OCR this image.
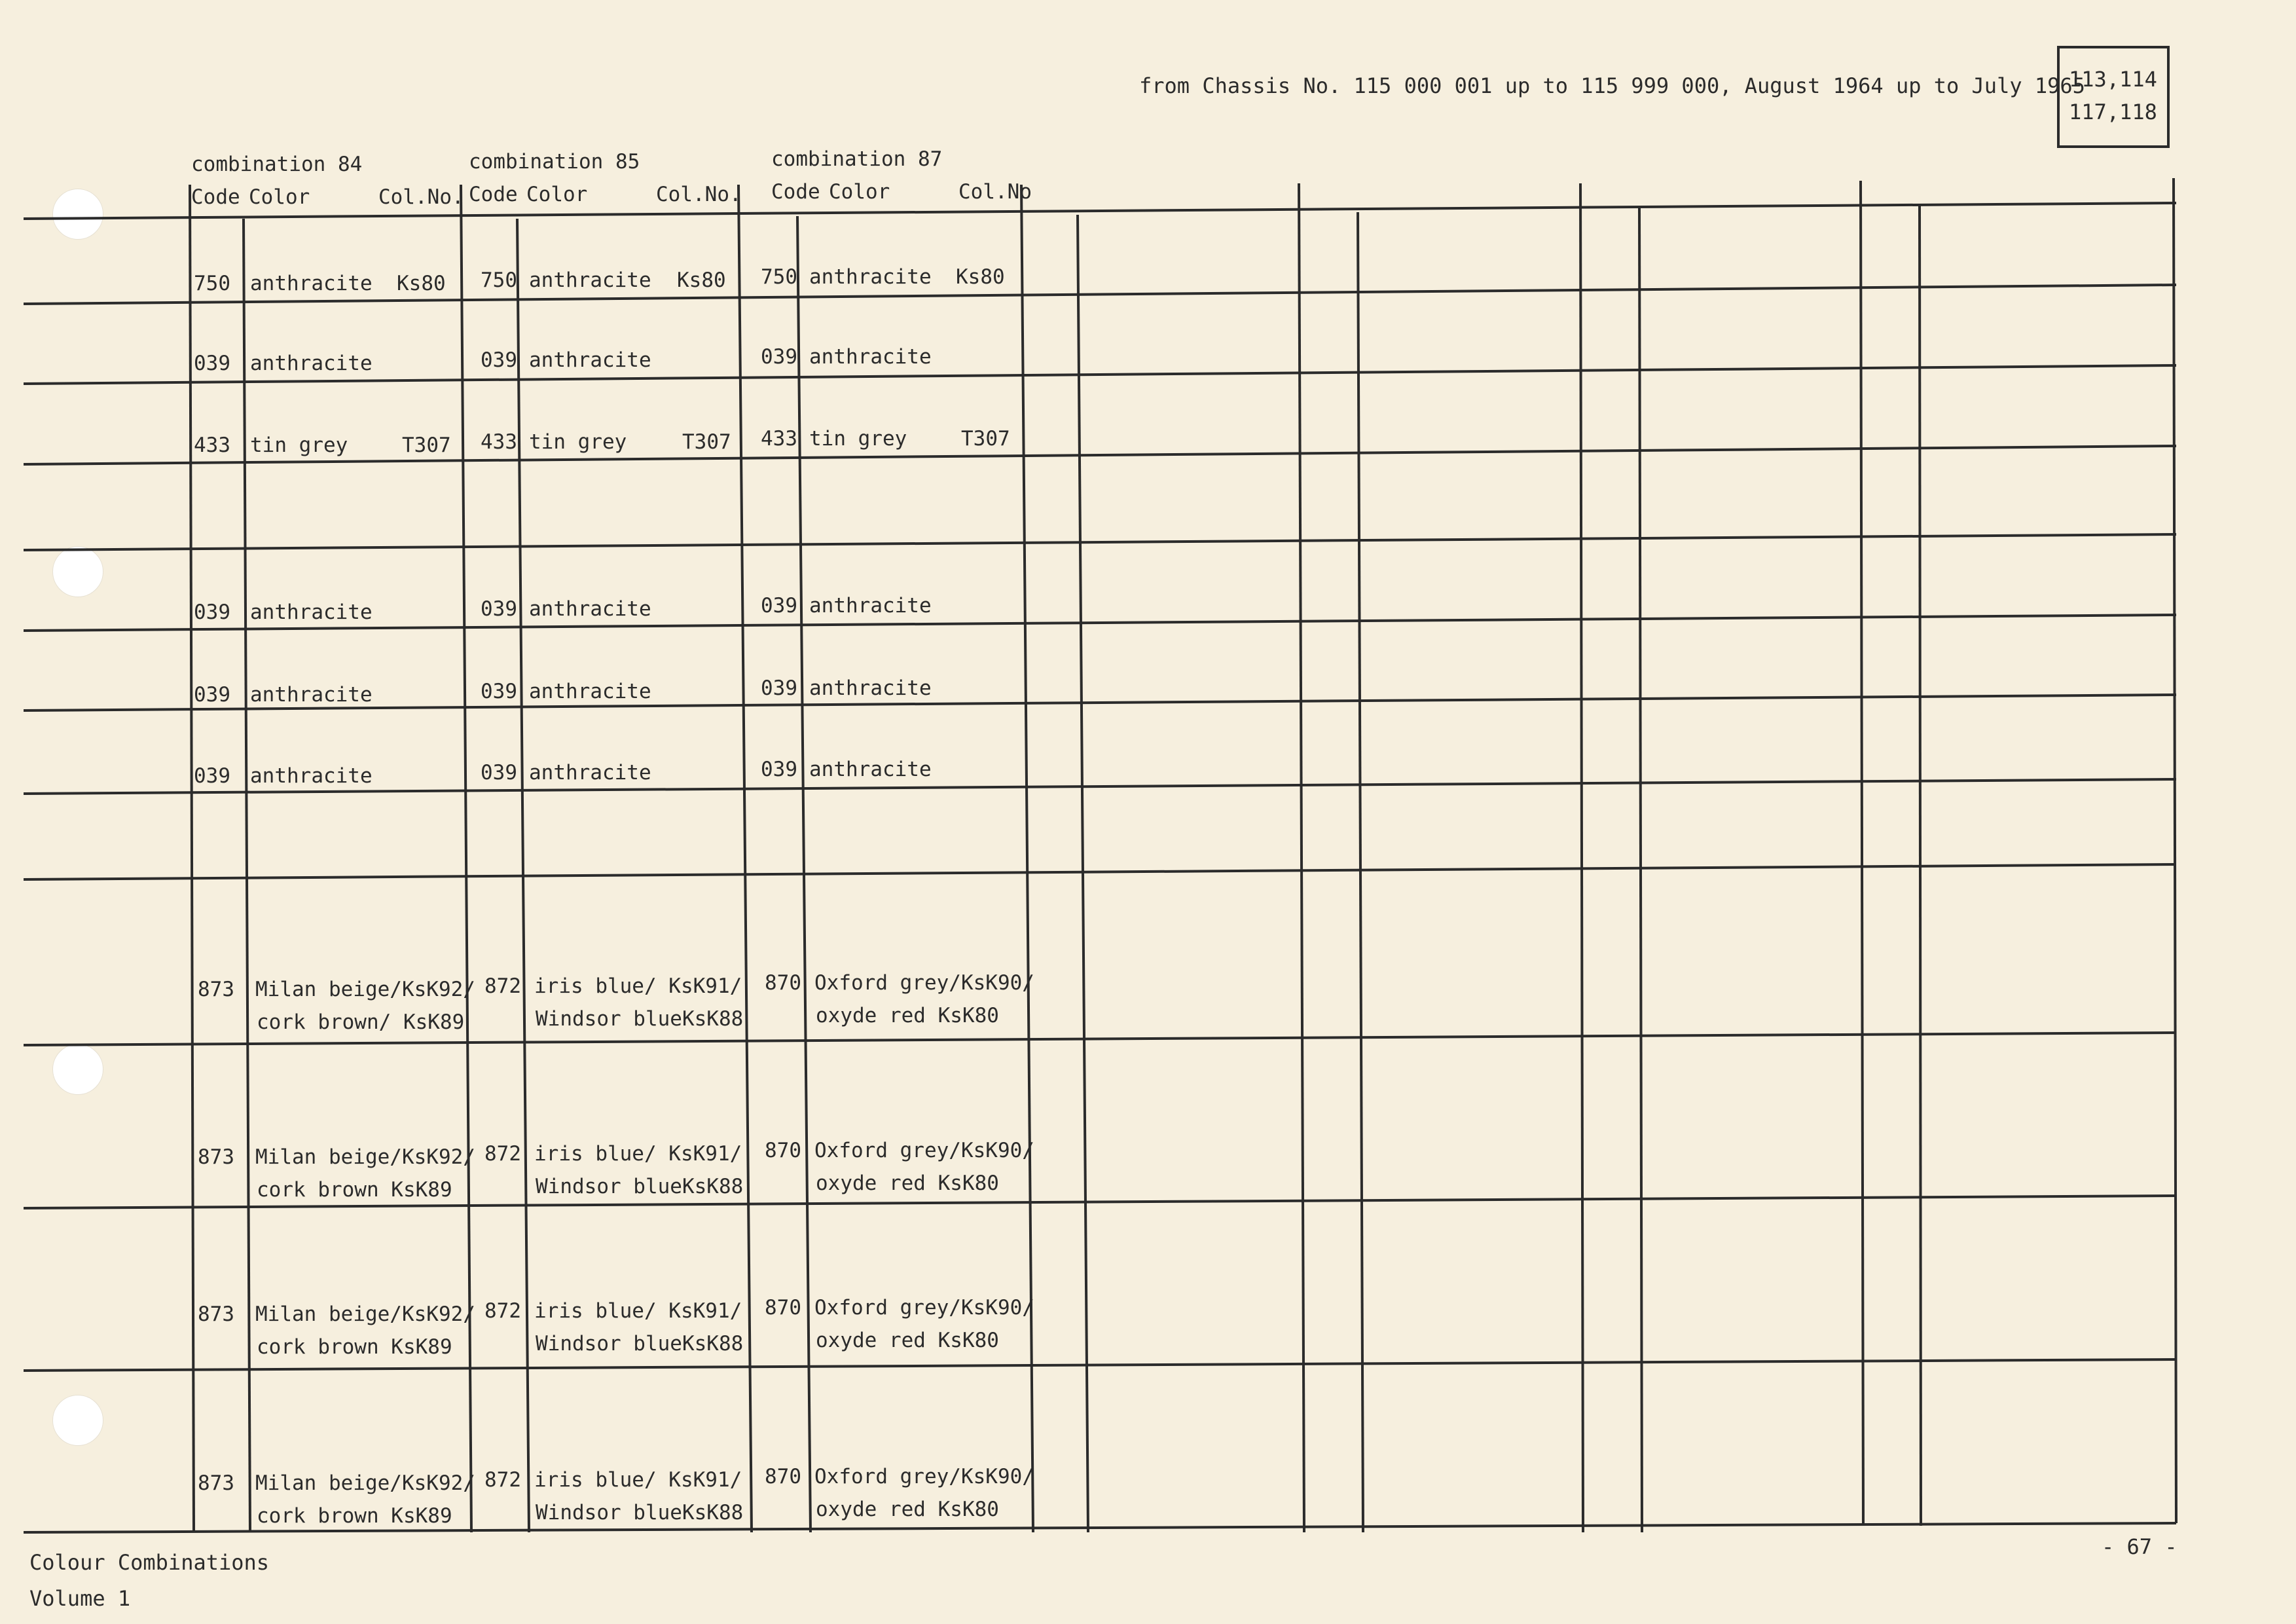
from Chassis No. 115 000 001 up to 115 999 000, August 1964 up to July 1965
113,114
117,118
combination 84
Code Color	Col.No.
750 anthracite Ks80
039 anthracite
433 tin grey	T307
039 anthracite
039 anthracite
039 anthracite
873 Milan beige/KsK92/
cork brown/ KsK89
873 Milan beige/KsK92/
cork brown KsK89
873 Milan beige/KsK92/
cork brown KsK89
873 Milan beige/KsK92/
cork brown KsK89
combination 85
Code Color	Col.No.
750 anthracite Ks80
039 anthracite
433 tin grey	T307
039 anthracite
039 anthracite
039 anthracite
872 iris blue/ KsK91/
Windsor blueKsK88
872 iris blue/ KsK91/
Windsor blueKsK88
872 iris blue/ KsK91/
Windsor blueKsK88
872 iris blue/ KsK91/
Windsor blueKsK88
combination 87
Code Color	Col.No
750 anthracite Ks80
039 anthracite
433 tin grey	T307
039 anthracite
039 anthracite
039 anthracite
870 Oxford grey/KsK90/
oxyde red KsK80
870 Oxford grey/KsK90/
oxyde red KsK80
870 Oxford grey/KsK90/
oxyde red KsK80
870 Oxford grey/KsK90/
oxyde red KsK80
Colour Combinations
Volume 1
- 67 -
